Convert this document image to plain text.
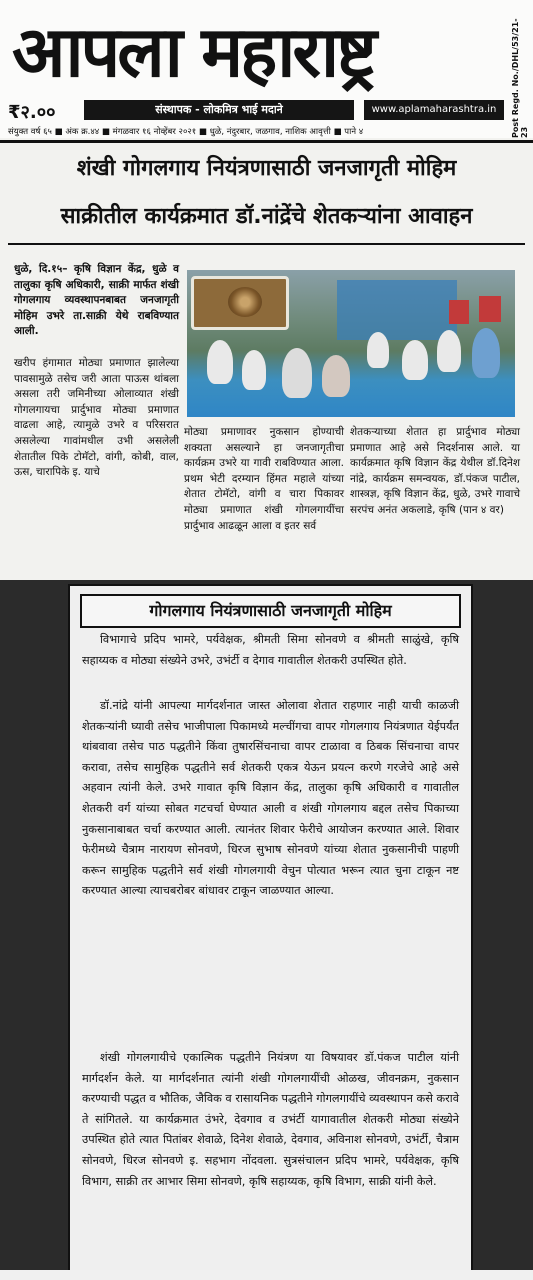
आपला महाराष्ट्र	Post Regd. No./DHL/53/21-23
₹२.००	संस्थापक - लोकमित्र भाई मदाने	www.aplamaharashtra.in
संयुक्त वर्ष ६५ ■ अंक क्र.४४ ■ मंगळवार १६ नोव्हेंबर २०२१ ■ धुळे, नंदुरबार, जळगाव, नाशिक आवृत्ती ■ पाने ४
शंखी गोगलगाय नियंत्रणासाठी जनजागृती मोहिम
साक्रीतील कार्यक्रमात डॉ.नांद्रेंचे शेतकऱ्यांना आवाहन
धुळे, दि.१५– कृषि विज्ञान केंद्र, धुळे व तालुका कृषि अधिकारी, साक्री मार्फत शंखी गोगलगाय व्यवस्थापनबाबत जनजागृती मोहिम उभरे ता.साक्री येथे राबविण्यात आली.
खरीप हंगामात मोठ्या प्रमाणात झालेल्या पावसामुळे तसेच जरी आता पाऊस थांबला असला तरी जमिनीच्या ओलाव्यात शंखी गोगलगायचा प्रार्दुभाव मोठ्या प्रमाणात वाढला आहे, त्यामुळे उभरे व परिसरात असलेल्या गावांमधील उभी असलेली शेतातील पिके टोमॅटो, वांगी, कोबी, वाल, ऊस, चारापिके इ. याचे
मोठ्या प्रमाणावर नुकसान होण्याची शक्यता असल्याने हा जनजागृतीचा कार्यक्रम उभरे या गावी राबविण्यात आला. प्रथम भेटी दरम्यान हिंमत महाले यांच्या शेतात टोमॅटो, वांगी व चारा पिकावर मोठ्या प्रमाणात शंखी गोगलगायींचा प्रार्दुभाव आढळून आला व इतर सर्व
शेतकऱ्याच्या शेतात हा प्रार्दुभाव मोठ्या प्रमाणात आहे असे निदर्शनास आले. या कार्यक्रमात कृषि विज्ञान केंद्र येथील डॉ.दिनेश नांद्रे, कार्यक्रम समन्वयक, डॉ.पंकज पाटील, शास्त्रज्ञ, कृषि विज्ञान केंद्र, धुळे, उभरे गावाचे सरपंच अनंत अकलाडे, कृषि (पान ४ वर)
गोगलगाय नियंत्रणासाठी जनजागृती मोहिम
विभागाचे प्रदिप भामरे, पर्यवेक्षक, श्रीमती सिमा सोनवणे व श्रीमती साळुंखे, कृषि सहाय्यक व मोठ्या संख्येने उभरे, उभंर्टी व देगाव गावातील शेतकरी उपस्थित होते.
डॉ.नांद्रे यांनी आपल्या मार्गदर्शनात जास्त ओलावा शेतात राहणार नाही याची काळजी शेतकऱ्यांनी घ्यावी तसेच भाजीपाला पिकामध्ये मल्चींगचा वापर गोगलगाय नियंत्रणात येईपर्यंत थांबवावा तसेच पाठ पद्धतीने किंवा तुषारसिंचनाचा वापर टाळावा व ठिबक सिंचनाचा वापर करावा, तसेच सामुहिक पद्धतीने सर्व शेतकरी एकत्र येऊन प्रयत्न करणे गरजेचे आहे असे अहवान त्यांनी केले. उभरे गावात कृषि विज्ञान केंद्र, तालुका कृषि अधिकारी व गावातील शेतकरी वर्ग यांच्या सोबत गटचर्चा घेण्यात आली व शंखी गोगलगाय बद्दल तसेच पिकाच्या नुकसानाबाबत चर्चा करण्यात आली. त्यानंतर शिवार फेरीचे आयोजन करण्यात आले. शिवार फेरीमध्ये चैत्राम नारायण सोनवणे, धिरज सुभाष सोनवणे यांच्या शेतात नुकसानीची पाहणी करून सामुहिक पद्धतीने सर्व शंखी गोगलगायी वेचुन पोत्यात भरून त्यात चुना टाकून नष्ट करण्यात आल्या त्याचबरोबर बांधावर टाकून जाळण्यात आल्या.
शंखी गोगलगायीचे एकात्मिक पद्धतीने नियंत्रण या विषयावर डॉ.पंकज पाटील यांनी मार्गदर्शन केले. या मार्गदर्शनात त्यांनी शंखी गोगलगायींची ओळख, जीवनक्रम, नुकसान करण्याची पद्धत व भौतिक, जैविक व रासायनिक पद्धतीने गोगलगायींचे व्यवस्थापन कसे करावे ते सांगितले. या कार्यक्रमात उंभरे, देवगाव व उभंर्टी यागावातील शेतकरी मोठ्या संख्येने उपस्थित होते त्यात पितांबर शेवाळे, दिनेश शेवाळे, देवगाव, अविनाश सोनवणे, उभंर्टी, चैत्राम सोनवणे, धिरज सोनवणे इ. सहभाग नोंदवला. सुत्रसंचालन प्रदिप भामरे, पर्यवेक्षक, कृषि विभाग, साक्री तर आभार सिमा सोनवणे, कृषि सहाय्यक, कृषि विभाग, साक्री यांनी केले.
